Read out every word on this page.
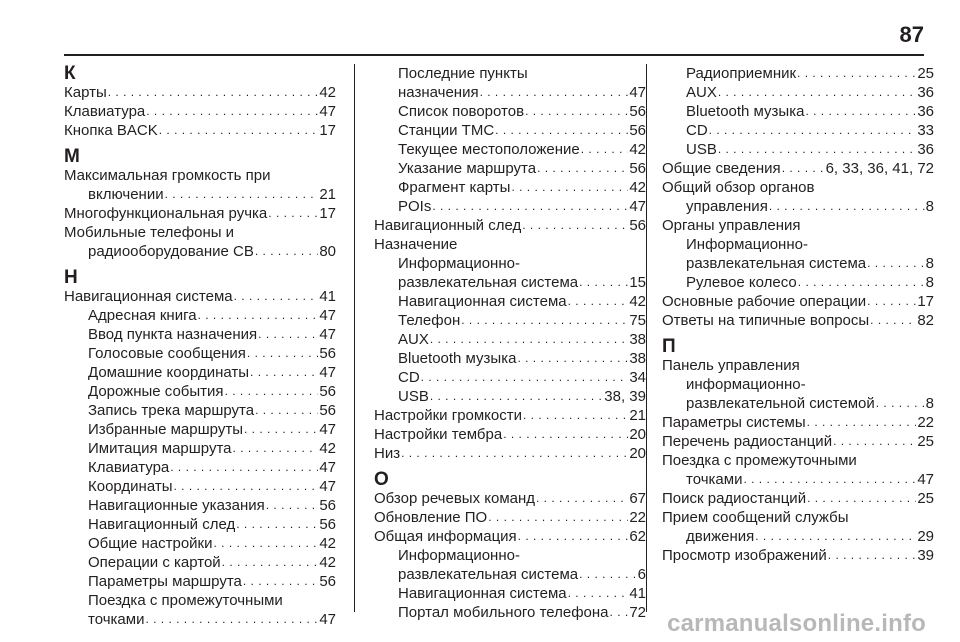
87
К
Карты . . .	42
Клавиатура . . .	47
Кнопка BACK . . .	17
М
Максимальная громкость при
включении . . .	21
Многофункциональная ручка . . .	17
Мобильные телефоны и
радиооборудование CB . . .	80
Н
Навигационная система . . .	41
Адресная книга . . .	47
Ввод пункта назначения . . .	47
Голосовые сообщения . . .	56
Домашние координаты . . .	47
Дорожные события . . .	56
Запись трека маршрута . . .	56
Избранные маршруты . . .	47
Имитация маршрута . . .	42
Клавиатура . . .	47
Координаты . . .	47
Навигационные указания . . .	56
Навигационный след . . .	56
Общие настройки . . .	42
Операции с картой . . .	42
Параметры маршрута . . .	56
Поездка с промежуточными
точками . . .	47
Последние пункты
назначения . . .	47
Список поворотов . . .	56
Станции TMC . . .	56
Текущее местоположение . . .	42
Указание маршрута . . .	56
Фрагмент карты . . .	42
POIs . . .	47
Навигационный след . . .	56
Назначение
Информационно-
развлекательная система . . .	15
Навигационная система . . .	42
Телефон . . .	75
AUX . . .	38
Bluetooth музыка . . .	38
CD . . .	34
USB . . .	38, 39
Настройки громкости . . .	21
Настройки тембра . . .	20
Низ . . .	20
О
Обзор речевых команд . . .	67
Обновление ПО . . .	22
Общая информация . . .	62
Информационно-
развлекательная система . . .	6
Навигационная система . . .	41
Портал мобильного телефона . . . 72
Радиоприемник . . .	25
AUX . . .	36
Bluetooth музыка . . .	36
CD . . .	33
USB . . .	36
Общие сведения . . .	6, 33, 36, 41, 72
Общий обзор органов
управления . . .	8
Органы управления
Информационно-
развлекательная система . . .	8
Рулевое колесо . . .	8
Основные рабочие операции . . .	17
Ответы на типичные вопросы . . .	82
П
Панель управления
информационно-
развлекательной системой . . .	8
Параметры системы . . .	22
Перечень радиостанций . . .	25
Поездка с промежуточными
точками . . .	47
Поиск радиостанций . . .	25
Прием сообщений службы
движения . . .	29
Просмотр изображений . . .	39
carmanualsonline.info
